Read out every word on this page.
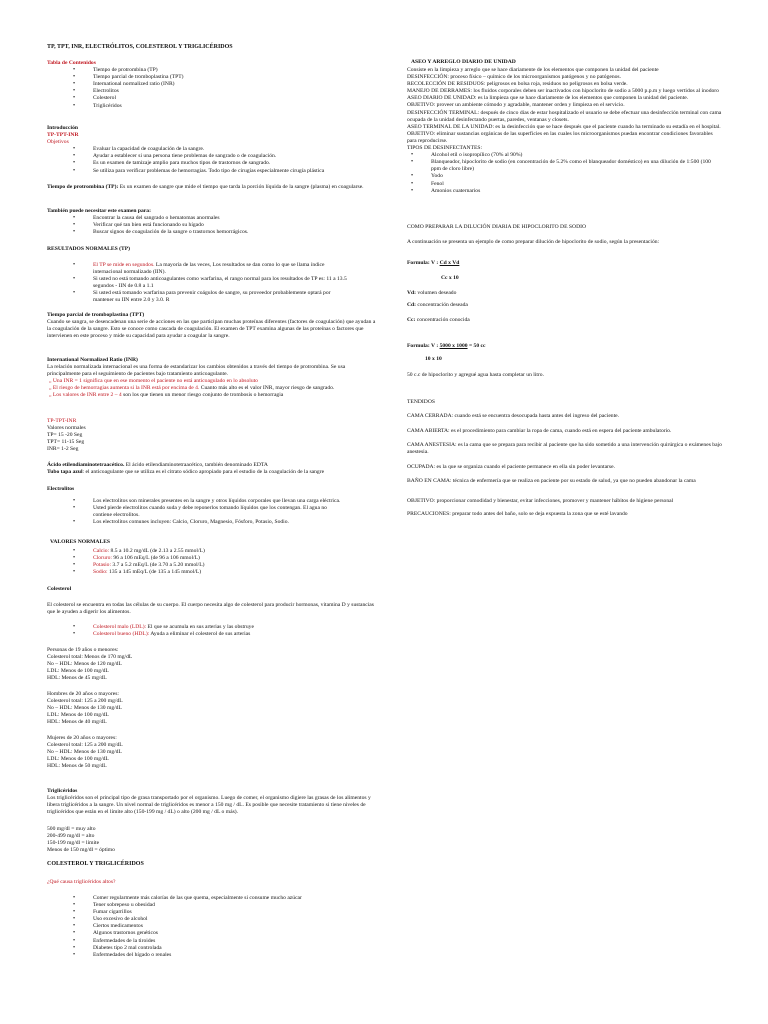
TP, TPT, INR, ELECTRÓLITOS, COLESTEROL Y TRIGLICÉRIDOS

Tabla de Contenidos

• Tiempo de protrombina (TP)
• Tiempo parcial de tromboplastina (TPT)
• International normalized ratio (INR)
• Electrolitos
• Colesterol
• Triglicéridos

Introducción

TP-TPT-INR

Objetivos

• Evaluar la capacidad de coagulación de la sangre.
• Ayudar a establecer si una persona tiene problemas de sangrado o de coagulación.
• Es un examen de tamizaje amplio para muchos tipos de trastornos de sangrado.
• Se utiliza para verificar problemas de hemorragias. Todo tipo de cirugías especialmente cirugía plástica

Tiempo de protrombina (TP): Es un examen de sangre que mide el tiempo que tarda la porción líquida de la sangre (plasma) en coagularse.

También puede necesitar este examen para:

• Encontrar la causa del sangrado o hematomas anormales
• Verificar qué tan bien está funcionando su hígado
• Buscar signos de coagulación de la sangre o trastornos hemorrágicos.

RESULTADOS NORMALES (TP)

• El TP se mide en segundos. La mayoría de las veces, Los resultados se dan como lo que se llama índice internacional normalizado (IIN).
• Si usted no está tomando anticoagulantes como warfarina, el rango normal para los resultados de TP es: 11 a 13.5 segundos - IIN de 0.8 a 1.1
• Si usted está tomando warfarina para prevenir coágulos de sangre, su proveedor probablemente optará por mantener su IIN entre 2.0 y 3.0. R

Tiempo parcial de tromboplastina (TPT)

Cuando se sangra, se desencadenan una serie de acciones en las que participan muchas proteínas diferentes (factores de coagulación) que ayudan a la coagulación de la sangre. Esto se conoce como cascada de coagulación. El examen de TPT examina algunas de las proteínas o factores que intervienen en este proceso y mide su capacidad para ayudar a coagular la sangre.

International Normalized Ratio (INR)

La relación normalizada internacional es una forma de estandarizar los cambios obtenidos a través del tiempo de protrombina. Se usa principalmente para el seguimiento de pacientes bajo tratamiento anticoagulante.

„ Una INR = 1 significa que en ese momento el paciente no está anticoagulado en lo absoluto

„ El riesgo de hemorragias aumenta si la INR está por encima de 4. Cuanto más alto es el valor INR, mayor riesgo de sangrado.

„ Los valores de INR entre 2 – 4 son los que tienen un menor riesgo conjunto de trombosis o hemorragia

TP-TPT-INR

Valores normales

TP= 15 -20 Seg

TPT= 11-15 Seg

INR= 1-2 Seg

Ácido etilendiaminotetraacético. El ácido etilendiaminotetraacético, también denominado EDTA

Tubo tapa azul: el anticoagulante que se utiliza es el citrato sódico apropiado para el estudio de la coagulación de la sangre

Electrolitos

• Los electrolitos son minerales presentes en la sangre y otros líquidos corporales que llevan una carga eléctrica.
• Usted pierde electrolitos cuando suda y debe reponerlos tomando líquidos que los contengan. El agua no contiene electrolitos.
• Los electrolitos comunes incluyen: Calcio, Cloruro, Magnesio, Fósforo, Potasio, Sodio.

VALORES NORMALES

• Calcio: 8.5 a 10.2 mg/dL (de 2.13 a 2.55 mmol/L)
• Cloruro: 96 a 106 mEq/L (de 96 a 106 mmol/L)
• Potasio: 3.7 a 5.2 mEq/L (de 3.70 a 5.20 mmol/L)
• Sodio: 135 a 145 mEq/L (de 135 a 145 mmol/L)

Colesterol

El colesterol se encuentra en todas las células de su cuerpo. El cuerpo necesita algo de colesterol para producir hormonas, vitamina D y sustancias que le ayuden a digerir los alimentos.

• Colesterol malo (LDL): El que se acumula en sus arterias y las obstruye
• Colesterol bueno (HDL): Ayuda a eliminar el colesterol de sus arterias

Personas de 19 años o menores:

Colesterol total: Menos de 170 mg/dL

No – HDL: Menos de 120 mg/dL

LDL: Menos de 100 mg/dL

HDL: Menos de 45 mg/dL

Hombres de 20 años o mayores:

Colesterol total: 125 a 200 mg/dL

No – HDL: Menos de 130 mg/dL

LDL: Menos de 100 mg/dL

HDL: Menos de 40 mg/dL

Mujeres de 20 años o mayores:

Colesterol total: 125 a 200 mg/dL

No – HDL: Menos de 130 mg/dL

LDL: Menos de 100 mg/dL

HDL: Menos de 50 mg/dL

Triglicéridos

Los triglicéridos son el principal tipo de grasa transportado por el organismo. Luego de comer, el organismo digiere las grasas de los alimentos y libera triglicéridos a la sangre. Un nivel normal de triglicéridos es menor a 150 mg / dL. Es posible que necesite tratamiento si tiene niveles de triglicéridos que están en el límite alto (150-199 mg / dL) o alto (200 mg / dL o más).

500 mg/dl = muy alto

200-499 mg/dl = alto

150-199 mg/dl = límite

Menos de 150 mg/dl = óptimo

COLESTEROL Y TRIGLICÉRIDOS

¿Qué causa triglicéridos altos?

• Comer regularmente más calorías de las que quema, especialmente si consume mucho azúcar
• Tener sobrepeso u obesidad
• Fumar cigarrillos
• Uso excesivo de alcohol
• Ciertos medicamentos
• Algunos trastornos genéticos
• Enfermedades de la tiroides
• Diabetes tipo 2 mal controlada
• Enfermedades del hígado o renales

ASEO Y ARREGLO DIARIO DE UNIDAD

Consiste en la limpieza y arreglo que se hace diariamente de los elementos que componen la unidad del paciente

DESINFECCIÓN: proceso físico – químico de los microorganismos patógenos y no patógenos.

RECOLECCIÓN DE RESIDUOS: peligrosos en bolsa roja, residuos no peligrosos en bolsa verde.

MANEJO DE DERRAMES: los fluidos corporales deben ser inactivados con hipoclorito de sodio a 5000 p.p.m y luego vertidos al inodoro

ASEO DIARIO DE UNIDAD: es la limpieza que se hace diariamente de los elementos que componen la unidad del paciente.

OBJETIVO: proveer un ambiente cómodo y agradable, mantener orden y limpieza en el servicio.

DESINFECCIÓN TERMINAL: después de cinco días de estar hospitalizado el usuario se debe efectuar una desinfección terminal con cama ocupada de la unidad desinfectando puertas, paredes, ventanas y closets.

ASEO TERMINAL DE LA UNIDAD: es la desinfección que se hace después que el paciente cuando ha terminado su estadía en el hospital.

OBJETIVO: eliminar sustancias orgánicas de las superficies en las cuales los microorganismos puedan encontrar condiciones favorables para reproducirse.

TIPOS DE DESINFECTANTES:

• Alcohol etil o isopropílico (70% al 90%)
• Blanqueador, hipoclorito de sodio (en concentración de 5.2% como el blanqueador doméstico) en una dilución de 1:500 (100 ppm de cloro libre)
• Yodo
• Fenol
• Amonios cuaternarios

COMO PREPARAR LA DILUCIÓN DIARIA DE HIPOCLORITO DE SODIO

A continuación se presenta un ejemplo de como preparar dilución de hipoclorito de sodio, según la presentación:

Formula: V : Cd x Vd

Cc x 10

Vd: volumen deseado

Cd: concentración deseada

Cc: concentración conocida

Formula: V : 5000 x 1000 = 50 cc

10 x 10

50 c.c de hipoclorito y agregué agua hasta completar un litro.

TENDIDOS

CAMA CERRADA: cuando está se encuentra desocupada hasta antes del ingreso del paciente.

CAMA ABIERTA: es el procedimiento para cambiar la ropa de cama, cuando está en espera del paciente ambulatorio.

CAMA ANESTESIA: es la cama que se prepara para recibir al paciente que ha sido sometido a una intervención quirúrgica o exámenes bajo anestesia.

OCUPADA: es la que se organiza cuando el paciente permanece en ella sin poder levantarse.

BAÑO EN CAMA: técnica de enfermería que se realiza en paciente por su estado de salud, ya que no pueden abandonar la cama

OBJETIVO: proporcionar comodidad y bienestar, evitar infecciones, promover y mantener hábitos de higiene personal

PRECAUCIONES: preparar todo antes del baño, solo se deja expuesta la zona que se esté lavando
